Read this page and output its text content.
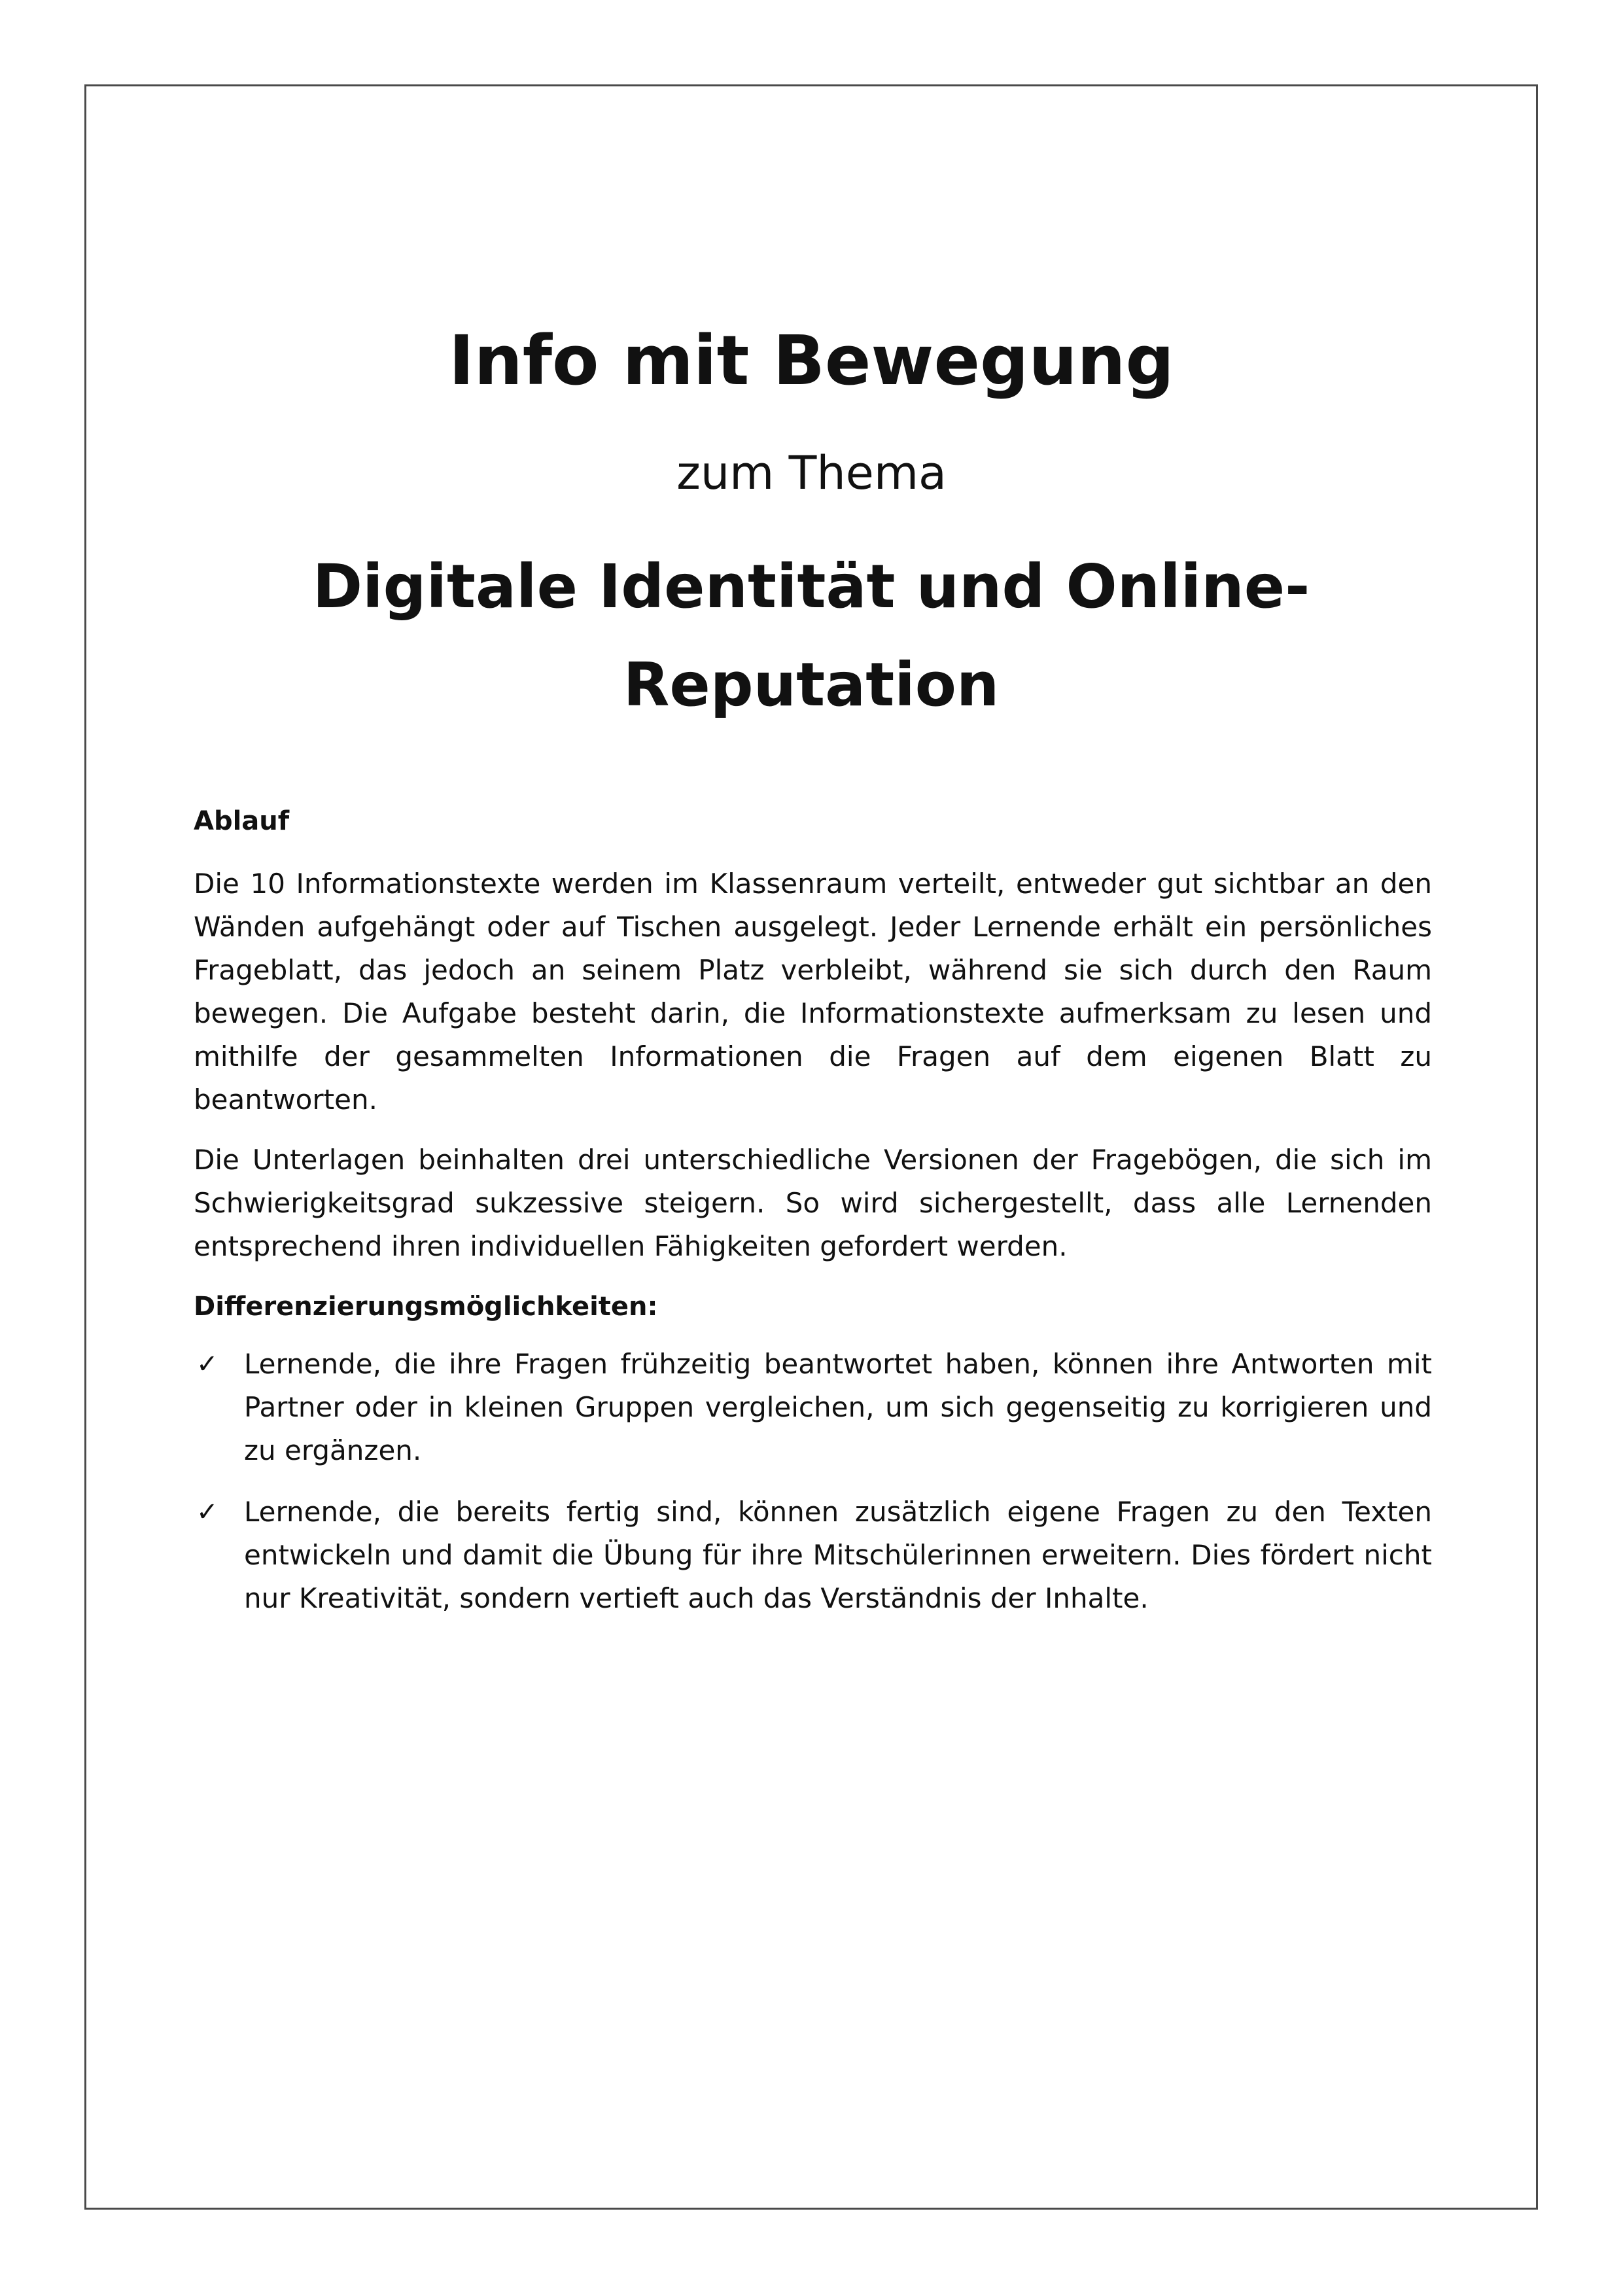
Info mit Bewegung
zum Thema
Digitale Identität und Online-Reputation
Ablauf

Die 10 Informationstexte werden im Klassenraum verteilt, entweder gut sichtbar an den Wänden aufgehängt oder auf Tischen ausgelegt. Jeder Lernende erhält ein persönliches Frageblatt, das jedoch an seinem Platz verbleibt, während sie sich durch den Raum bewegen. Die Aufgabe besteht darin, die Informationstexte aufmerksam zu lesen und mithilfe der gesammelten Informationen die Fragen auf dem eigenen Blatt zu beantworten.

Die Unterlagen beinhalten drei unterschiedliche Versionen der Fragebögen, die sich im Schwierigkeitsgrad sukzessive steigern. So wird sichergestellt, dass alle Lernenden entsprechend ihren individuellen Fähigkeiten gefordert werden.

Differenzierungsmöglichkeiten:
✓ Lernende, die ihre Fragen frühzeitig beantwortet haben, können ihre Antworten mit Partner oder in kleinen Gruppen vergleichen, um sich gegenseitig zu korrigieren und zu ergänzen.
✓ Lernende, die bereits fertig sind, können zusätzlich eigene Fragen zu den Texten entwickeln und damit die Übung für ihre Mitschülerinnen erweitern. Dies fördert nicht nur Kreativität, sondern vertieft auch das Verständnis der Inhalte.
